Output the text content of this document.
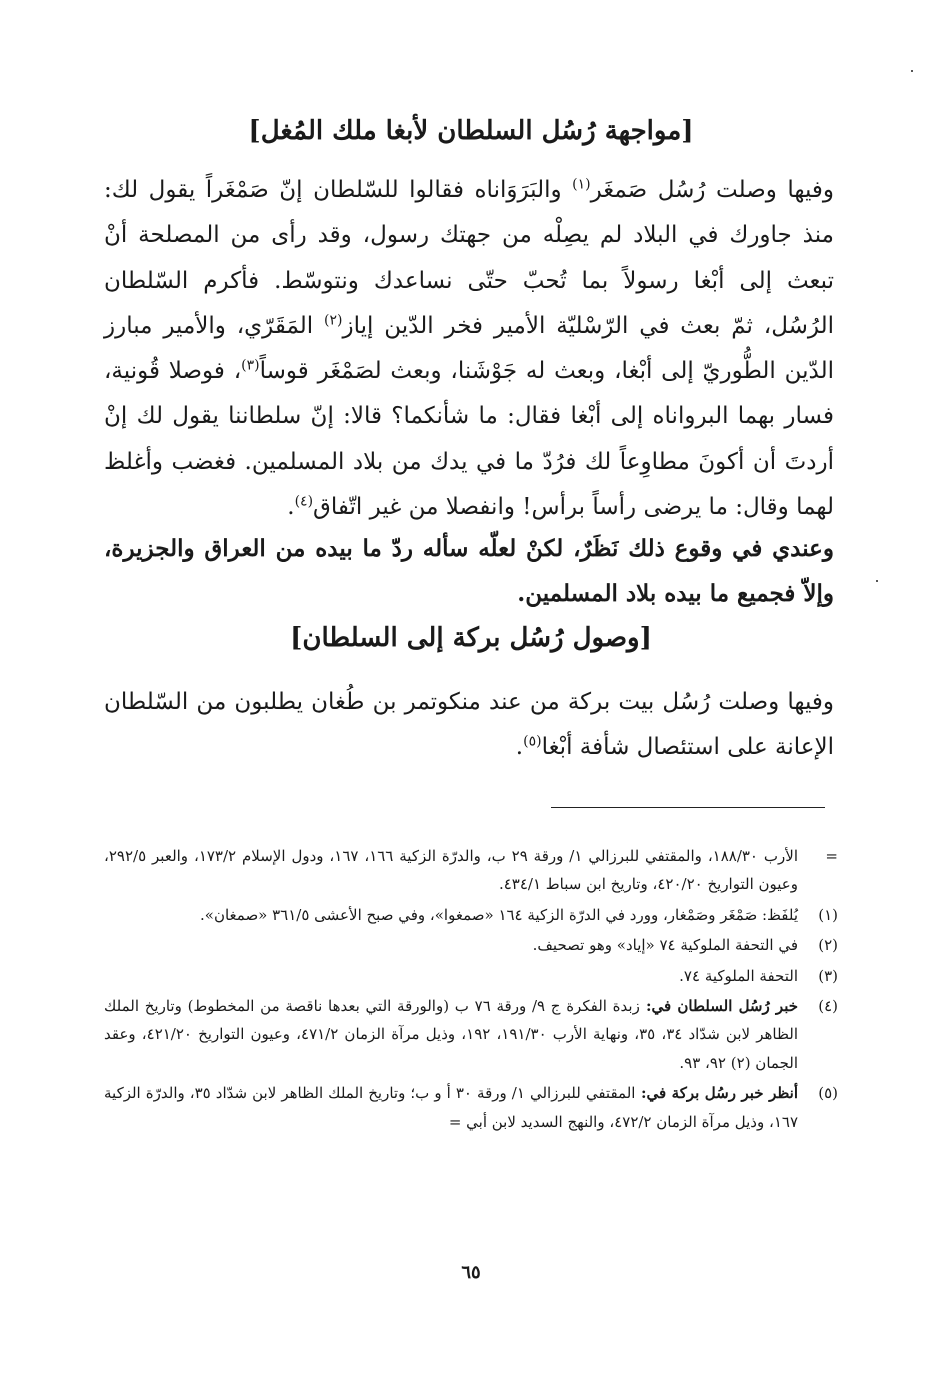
[مواجهة رُسُل السلطان لأبغا ملك المُغل]

وفيها وصلت رُسُل صَمغَر$^{(١)}$ والبَرَوَاناه فقالوا للسّلطان إنّ صَمْغَراً يقول لك: منذ جاورك في البلاد لم يصِلْه من جهتك رسول، وقد رأى من المصلحة أنْ تبعث إلى أبْغا رسولاً بما تُحبّ حتّى نساعدك ونتوسّط. فأكرم السّلطان الرُسُل، ثمّ بعث في الرّسْليّة الأمير فخر الدّين إياز$^{(٢)}$ المَقَرّي، والأمير مبارز الدّين الطُّوريّ إلى أبْغا، وبعث له جَوْشَنا، وبعث لصَمْغَر قوساً$^{(٣)}$، فوصلا قُونية، فسار بهما البرواناه إلى أبْغا فقال: ما شأنكما؟ قالا: إنّ سلطاننا يقول لك إنْ أردتَ أن أكونَ مطاوِعاً لك فرُدّ ما في يدك من بلاد المسلمين. فغضب وأغلظ لهما وقال: ما يرضى رأساً برأس! وانفصلا من غير اتّفاق$^{(٤)}$.

وعندي في وقوع ذلك نَظَرٌ، لكنْ لعلّه سأله ردّ ما بيده من العراق والجزيرة، وإلاّ فجميع ما بيده بلاد المسلمين.

[وصول رُسُل بركة إلى السلطان]

وفيها وصلت رُسُل بيت بركة من عند منكوتمر بن طُغان يطلبون من السّلطان الإعانة على استئصال شأفة أبْغا$^{(٥)}$.

=
الأرب ١٨٨/٣٠، والمقتفي للبرزالي ١/ ورقة ٢٩ ب، والدرّة الزكية ١٦٦، ١٦٧، ودول الإسلام ١٧٣/٢، والعبر ٢٩٢/٥، وعيون التواريخ ٤٢٠/٢٠، وتاريخ ابن سباط ٤٣٤/١.
(١)
يُلفَظ: صَمْغَر وصَمْغار، وورد في الدرّة الزكية ١٦٤ «صمغوا»، وفي صبح الأعشى ٣٦١/٥ «صمغان».
(٢)
في التحفة الملوكية ٧٤ «إياد» وهو تصحيف.
(٣)
التحفة الملوكية ٧٤.
(٤)
خبر رُسُل السلطان في: زبدة الفكرة ج ٩/ ورقة ٧٦ ب (والورقة التي بعدها ناقصة من المخطوط) وتاريخ الملك الظاهر لابن شدّاد ٣٤، ٣٥، ونهاية الأرب ١٩١/٣٠، ١٩٢، وذيل مرآة الزمان ٤٧١/٢، وعيون التواريخ ٤٢١/٢٠، وعقد الجمان (٢) ٩٢، ٩٣.
(٥)
أنظر خبر رسُل بركة في: المقتفي للبرزالي ١/ ورقة ٣٠ أ و ب؛ وتاريخ الملك الظاهر لابن شدّاد ٣٥، والدرّة الزكية ١٦٧، وذيل مرآة الزمان ٤٧٢/٢، والنهج السديد لابن أبي =
٦٥
